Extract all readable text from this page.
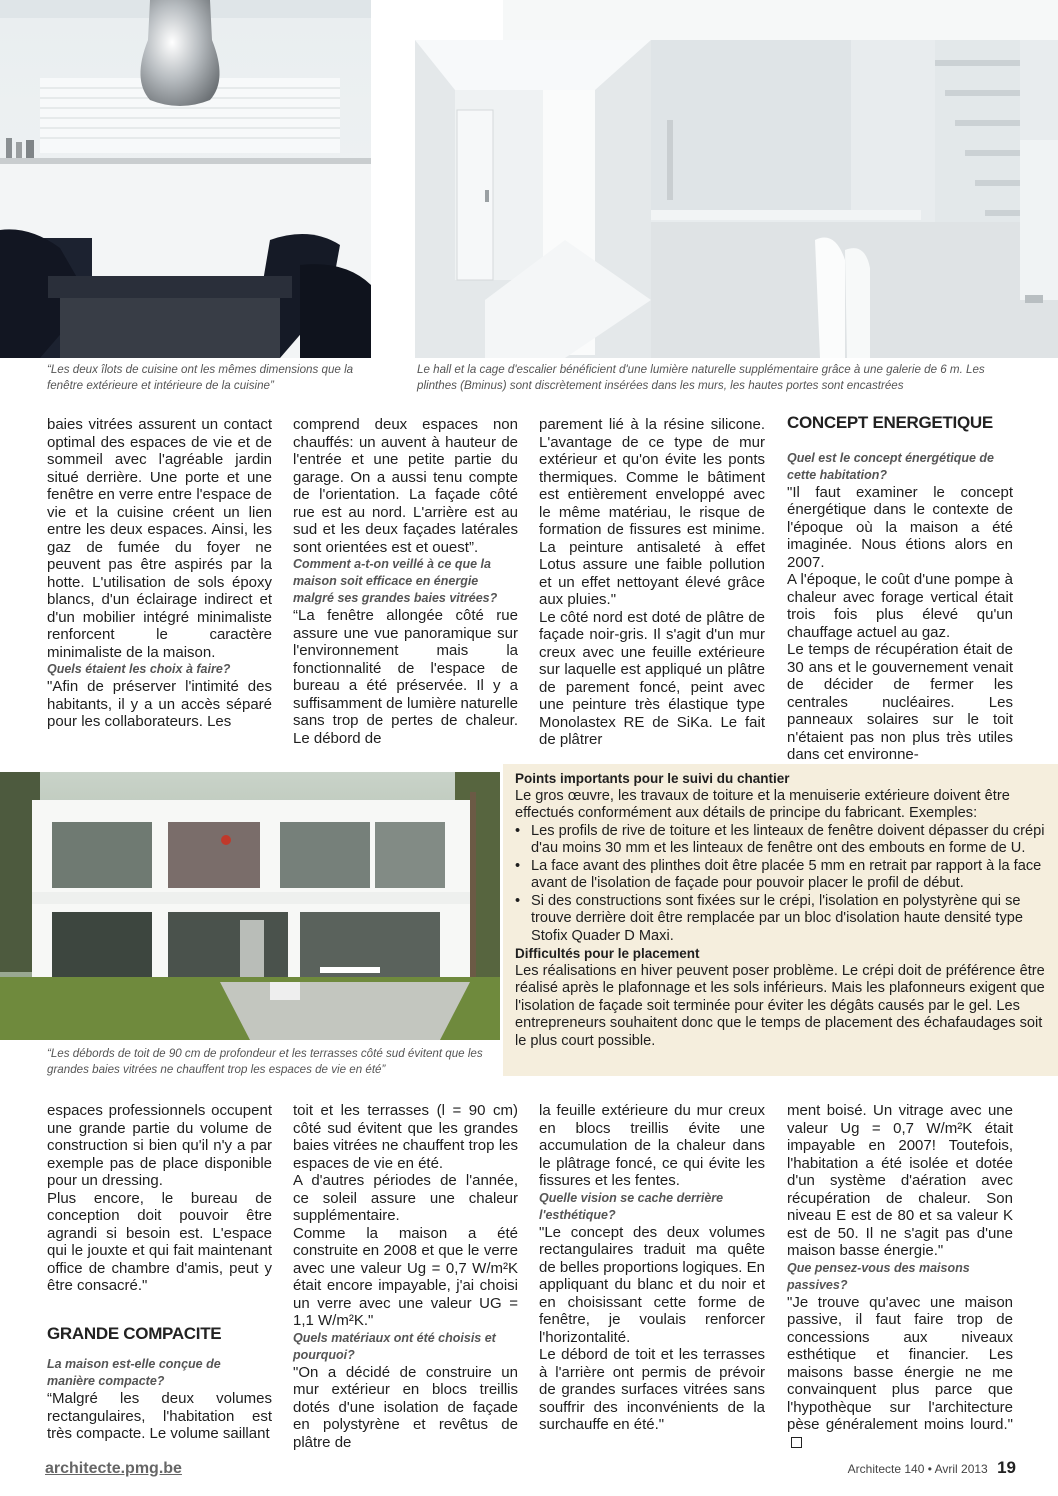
“Les deux îlots de cuisine ont les mêmes dimensions que la fenêtre extérieure et intérieure de la cuisine”
Le hall et la cage d'escalier bénéficient d'une lumière naturelle supplémentaire grâce à une galerie de 6 m. Les plinthes (Bminus) sont discrètement insérées dans les murs, les hautes portes sont encastrées

baies vitrées assurent un contact optimal des espaces de vie et de sommeil avec l'agréable jardin situé derrière. Une porte et une fenêtre en verre entre l'espace de vie et la cuisine créent un lien entre les deux espaces. Ainsi, les gaz de fumée du foyer ne peuvent pas être aspirés par la hotte. L'utilisation de sols époxy blancs, d'un éclairage indirect et d'un mobilier intégré minimaliste renforcent le caractère minimaliste de la maison.

Quels étaient les choix à faire?

"Afin de préserver l'intimité des habitants, il y a un accès séparé pour les collaborateurs. Les

comprend deux espaces non chauffés: un auvent à hauteur de l'entrée et une petite partie du garage. On a aussi tenu compte de l'orientation. La façade côté rue est au nord. L'arrière est au sud et les deux façades latérales sont orientées est et ouest”.

Comment a-t-on veillé à ce que la maison soit efficace en énergie malgré ses grandes baies vitrées?

“La fenêtre allongée côté rue assure une vue panoramique sur l'environnement mais la fonctionnalité de l'espace de bureau a été préservée. Il y a suffisamment de lumière naturelle sans trop de pertes de chaleur. Le débord de

parement lié à la résine silicone. L'avantage de ce type de mur extérieur et qu'on évite les ponts thermiques. Comme le bâtiment est entièrement enveloppé avec le même matériau, le risque de formation de fissures est minime. La peinture antisaleté à effet Lotus assure une faible pollution et un effet nettoyant élevé grâce aux pluies."

Le côté nord est doté de plâtre de façade noir-gris. Il s'agit d'un mur creux avec une feuille extérieure sur laquelle est appliqué un plâtre de parement foncé, peint avec une peinture très élastique type Monolastex RE de SiKa. Le fait de plâtrer

CONCEPT ENERGETIQUE
Quel est le concept énergétique de cette habitation?

"Il faut examiner le concept énergétique dans le contexte de l'époque où la maison a été imaginée. Nous étions alors en 2007.

A l'époque, le coût d'une pompe à chaleur avec forage vertical était trois fois plus élevé qu'un chauffage actuel au gaz.

Le temps de récupération était de 30 ans et le gouvernement venait de décider de fermer les centrales nucléaires. Les panneaux solaires sur le toit n'étaient pas non plus très utiles dans cet environne-

“Les débords de toit de 90 cm de profondeur et les terrasses côté sud évitent que les grandes baies vitrées ne chauffent trop les espaces de vie en été”
Points importants pour le suivi du chantier

Le gros œuvre, les travaux de toiture et la menuiserie extérieure doivent être effectués conformément aux détails de principe du fabricant. Exemples:

• Les profils de rive de toiture et les linteaux de fenêtre doivent dépasser du crépi d'au moins 30 mm et les linteaux de fenêtre ont des embouts en forme de U.
• La face avant des plinthes doit être placée 5 mm en retrait par rapport à la face avant de l'isolation de façade pour pouvoir placer le profil de début.
• Si des constructions sont fixées sur le crépi, l'isolation en polystyrène qui se trouve derrière doit être remplacée par un bloc d'isolation haute densité type Stofix Quader D Maxi.
Difficultés pour le placement

Les réalisations en hiver peuvent poser problème. Le crépi doit de préférence être réalisé après le plafonnage et les sols inférieurs. Mais les plafonneurs exigent que l'isolation de façade soit terminée pour éviter les dégâts causés par le gel. Les entrepreneurs souhaitent donc que le temps de placement des échafaudages soit le plus court possible.

espaces professionnels occupent une grande partie du volume de construction si bien qu'il n'y a par exemple pas de place disponible pour un dressing.

Plus encore, le bureau de conception doit pouvoir être agrandi si besoin est. L'espace qui le jouxte et qui fait maintenant office de chambre d'amis, peut y être consacré."

GRANDE COMPACITE
La maison est-elle conçue de manière compacte?

“Malgré les deux volumes rectangulaires, l'habitation est très compacte. Le volume saillant

toit et les terrasses (l = 90 cm) côté sud évitent que les grandes baies vitrées ne chauffent trop les espaces de vie en été.

A d'autres périodes de l'année, ce soleil assure une chaleur supplémentaire.

Comme la maison a été construite en 2008 et que le verre avec une valeur Ug = 0,7 W/m²K était encore impayable, j'ai choisi un verre avec une valeur UG = 1,1 W/m²K."

Quels matériaux ont été choisis et pourquoi?

"On a décidé de construire un mur extérieur en blocs treillis dotés d'une isolation de façade en polystyrène et revêtus de plâtre de

la feuille extérieure du mur creux en blocs treillis évite une accumulation de la chaleur dans le plâtrage foncé, ce qui évite les fissures et les fentes.

Quelle vision se cache derrière l'esthétique?

"Le concept des deux volumes rectangulaires traduit ma quête de belles proportions logiques. En appliquant du blanc et du noir et en choisissant cette forme de fenêtre, je voulais renforcer l'horizontalité.

Le débord de toit et les terrasses à l'arrière ont permis de prévoir de grandes surfaces vitrées sans souffrir des inconvénients de la surchauffe en été."

ment boisé. Un vitrage avec une valeur Ug = 0,7 W/m²K était impayable en 2007! Toutefois, l'habitation a été isolée et dotée d'un système d'aération avec récupération de chaleur. Son niveau E est de 80 et sa valeur K est de 50. Il ne s'agit pas d'une maison basse énergie."

Que pensez-vous des maisons passives?

"Je trouve qu'avec une maison passive, il faut faire trop de concessions aux niveaux esthétique et financier. Les maisons basse énergie ne me convainquent plus parce que l'hypothèque sur l'architecture pèse généralement moins lourd."

architecte.pmg.be	Architecte 140 • Avril 2013 19
